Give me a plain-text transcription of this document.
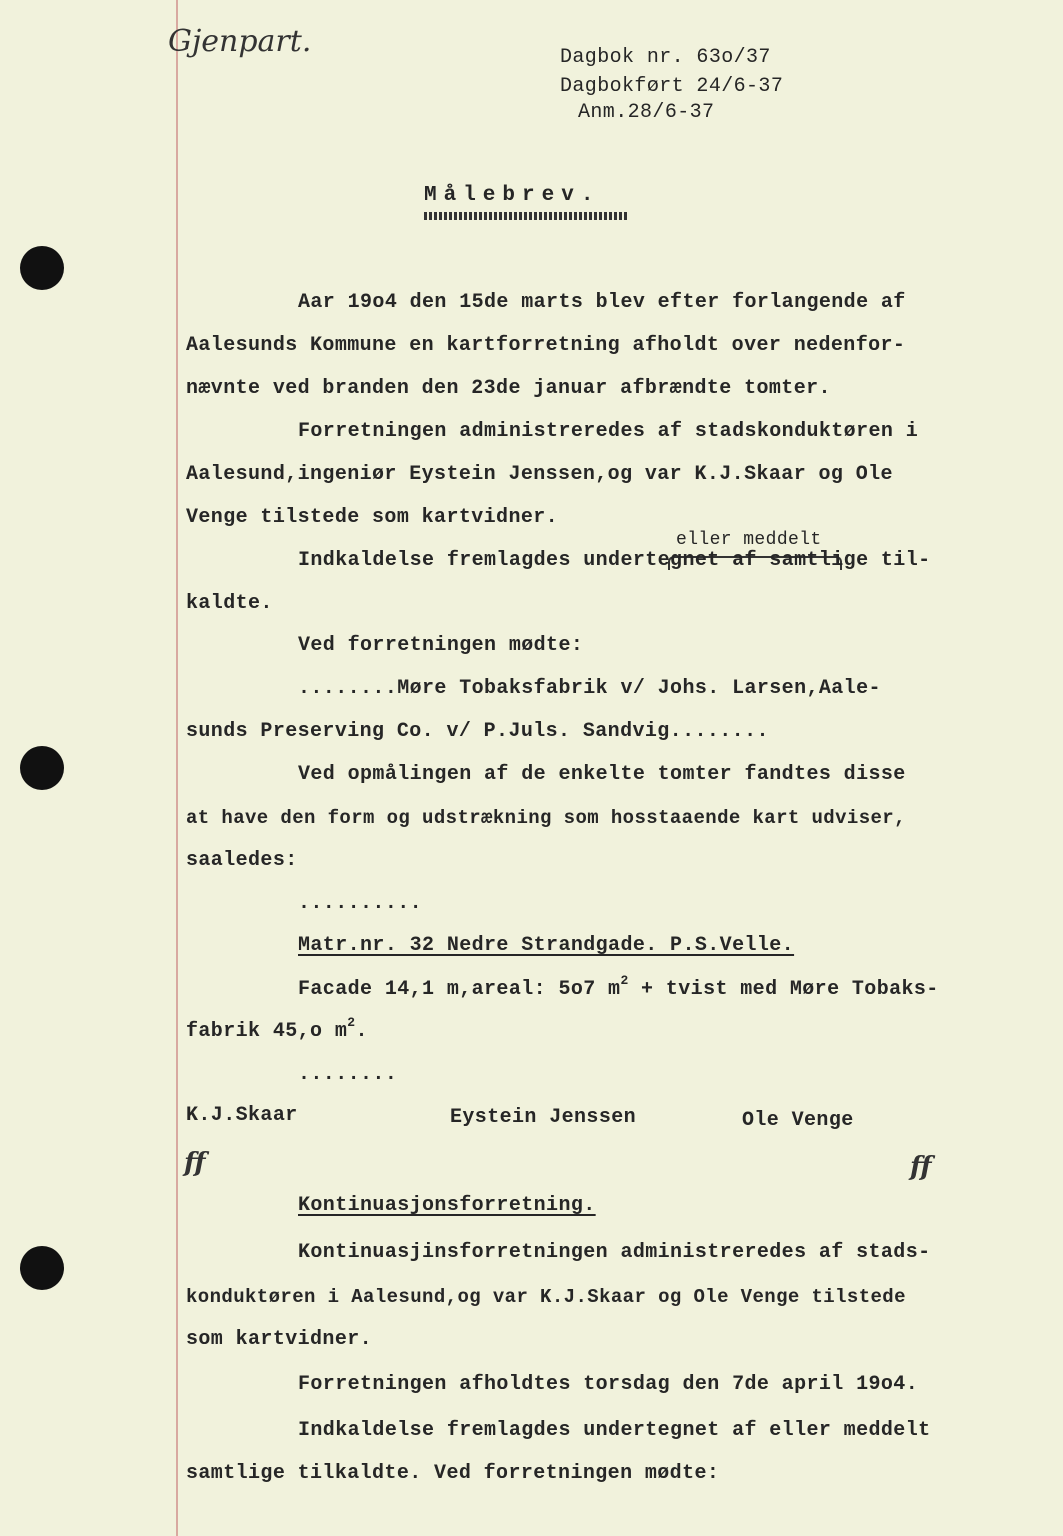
Gjenpart.	Dagbok nr. 63o/37
Dagbokført 24/6-37
Anm.28/6-37
Målebrev.
Aar 19o4 den 15de marts blev efter forlangende af
Aalesunds Kommune en kartforretning afholdt over nedenfor-
nævnte ved branden den 23de januar afbrændte tomter.
Forretningen administreredes af stadskonduktøren i
Aalesund,ingeniør Eystein Jenssen,og var K.J.Skaar og Ole
Venge tilstede som kartvidner.
eller meddelt
Indkaldelse fremlagdes undertegnet af samtlige til-
kaldte.
Ved forretningen mødte:
........Møre Tobaksfabrik v/ Johs. Larsen,Aale-
sunds Preserving Co. v/ P.Juls. Sandvig........
Ved opmålingen af de enkelte tomter fandtes disse
at have den form og udstrækning som hosstaaende kart udviser,
saaledes:
..........
Matr.nr. 32 Nedre Strandgade. P.S.Velle.
Facade 14,1 m,areal: 5o7 $m^2$ + tvist med Møre Tobaks-
fabrik 45,o $m^2$.
........
K.J.Skaar	Eystein Jenssen	Ole Venge
ff	ff
Kontinuasjonsforretning.
Kontinuasjinsforretningen administreredes af stads-
konduktøren i Aalesund,og var K.J.Skaar og Ole Venge tilstede
som kartvidner.
Forretningen afholdtes torsdag den 7de april 19o4.
Indkaldelse fremlagdes undertegnet af eller meddelt
samtlige tilkaldte. Ved forretningen mødte:
